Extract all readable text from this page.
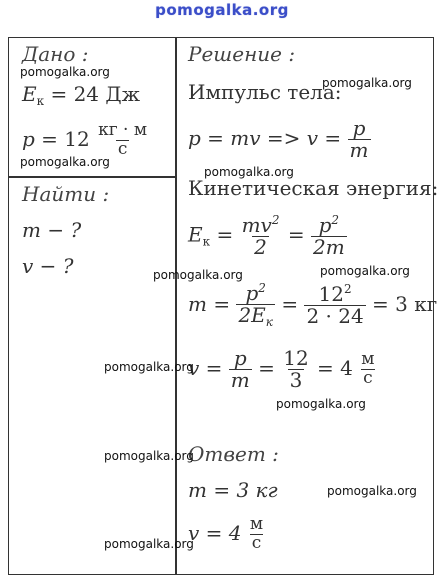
pomogalka.org
Дано :
$E_к = 24$ Дж
$p = 12 \frac{кг \cdot м}{с}$
Найти :
m − ?
v − ?
Решение :
Импульс тела:
p = mv => $v = \frac{p}{m}$
Кинетическая энергия:
$E_к = \frac{mv^2}{2} = \frac{p^2}{2m}$
$m = \frac{p^2}{2E_к} = \frac{12^2}{2 \cdot 24} = 3$ кг
$v = \frac{p}{m} = \frac{12}{3} = 4 \frac{м}{с}$
Ответ :
m = 3 кг
$v = 4 \frac{м}{с}$
pomogalka.org
pomogalka.org
pomogalka.org
pomogalka.org
pomogalka.org
pomogalka.org
pomogalka.org
pomogalka.org
pomogalka.org
pomogalka.org
pomogalka.org
